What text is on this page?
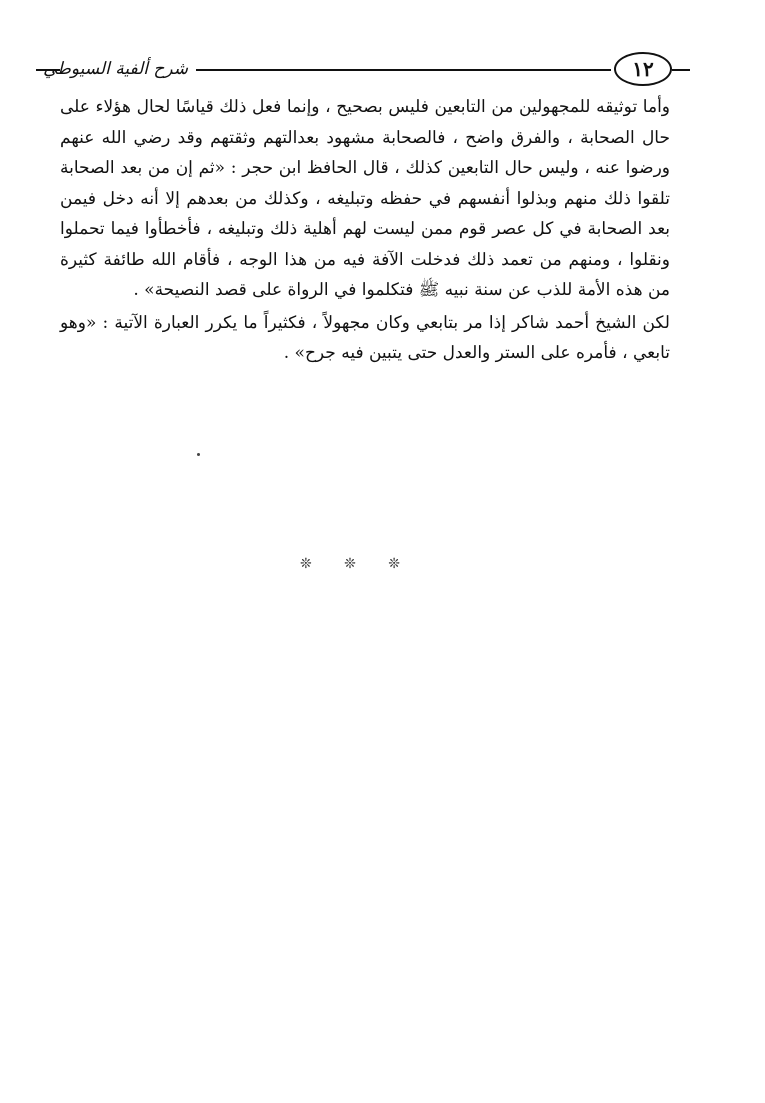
شرح ألفية السيوطي	١٢

وأما توثيقه للمجهولين من التابعين فليس بصحيح ، وإنما فعل ذلك قياسًا لحال هؤلاء على حال الصحابة ، والفرق واضح ، فالصحابة مشهود بعدالتهم وثقتهم وقد رضي الله عنهم ورضوا عنه ، وليس حال التابعين كذلك ، قال الحافظ ابن حجر : «ثم إن من بعد الصحابة تلقوا ذلك منهم وبذلوا أنفسهم في حفظه وتبليغه ، وكذلك من بعدهم إلا أنه دخل فيمن بعد الصحابة في كل عصر قوم ممن ليست لهم أهلية ذلك وتبليغه ، فأخطأوا فيما تحملوا ونقلوا ، ومنهم من تعمد ذلك فدخلت الآفة فيه من هذا الوجه ، فأقام الله طائفة كثيرة من هذه الأمة للذب عن سنة نبيه ﷺ فتكلموا في الرواة على قصد النصيحة» .

لكن الشيخ أحمد شاكر إذا مر بتابعي وكان مجهولاً ، فكثيراً ما يكرر العبارة الآتية : «وهو تابعي ، فأمره على الستر والعدل حتى يتبين فيه جرح» .

❊ ❊ ❊
